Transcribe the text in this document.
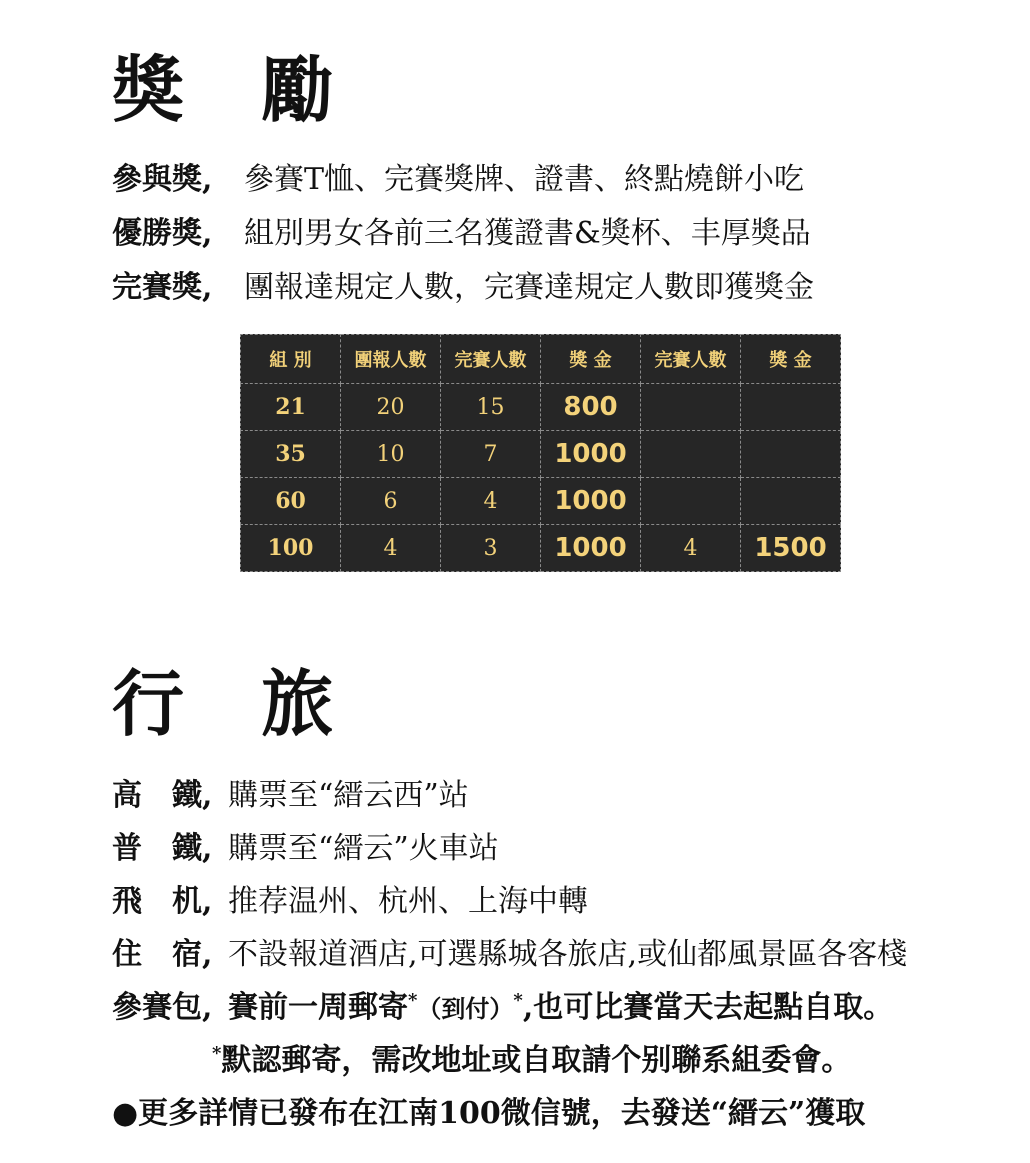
獎 勵
參與獎, 參賽T恤、完賽獎牌、證書、終點燒餅小吃
優勝獎, 組別男女各前三名獲證書&獎杯、丰厚獎品
完賽獎, 團報達規定人數，完賽達規定人數即獲獎金
組 別	團報人數	完賽人數	獎 金	完賽人數	獎 金
21	20	15	800		
35	10	7	1000		
60	6	4	1000		
100	4	3	1000	4	1500
行 旅
高　鐵, 購票至“縉云西”站
普　鐵, 購票至“縉云”火車站
飛　机, 推荐温州、杭州、上海中轉
住　宿, 不設報道酒店,可選縣城各旅店,或仙都風景區各客棧
參賽包, 賽前一周郵寄*（到付）*,也可比賽當天去起點自取。
*默認郵寄，需改地址或自取請个别聯系組委會。
●更多詳情已發布在江南100微信號，去發送“縉云”獲取
